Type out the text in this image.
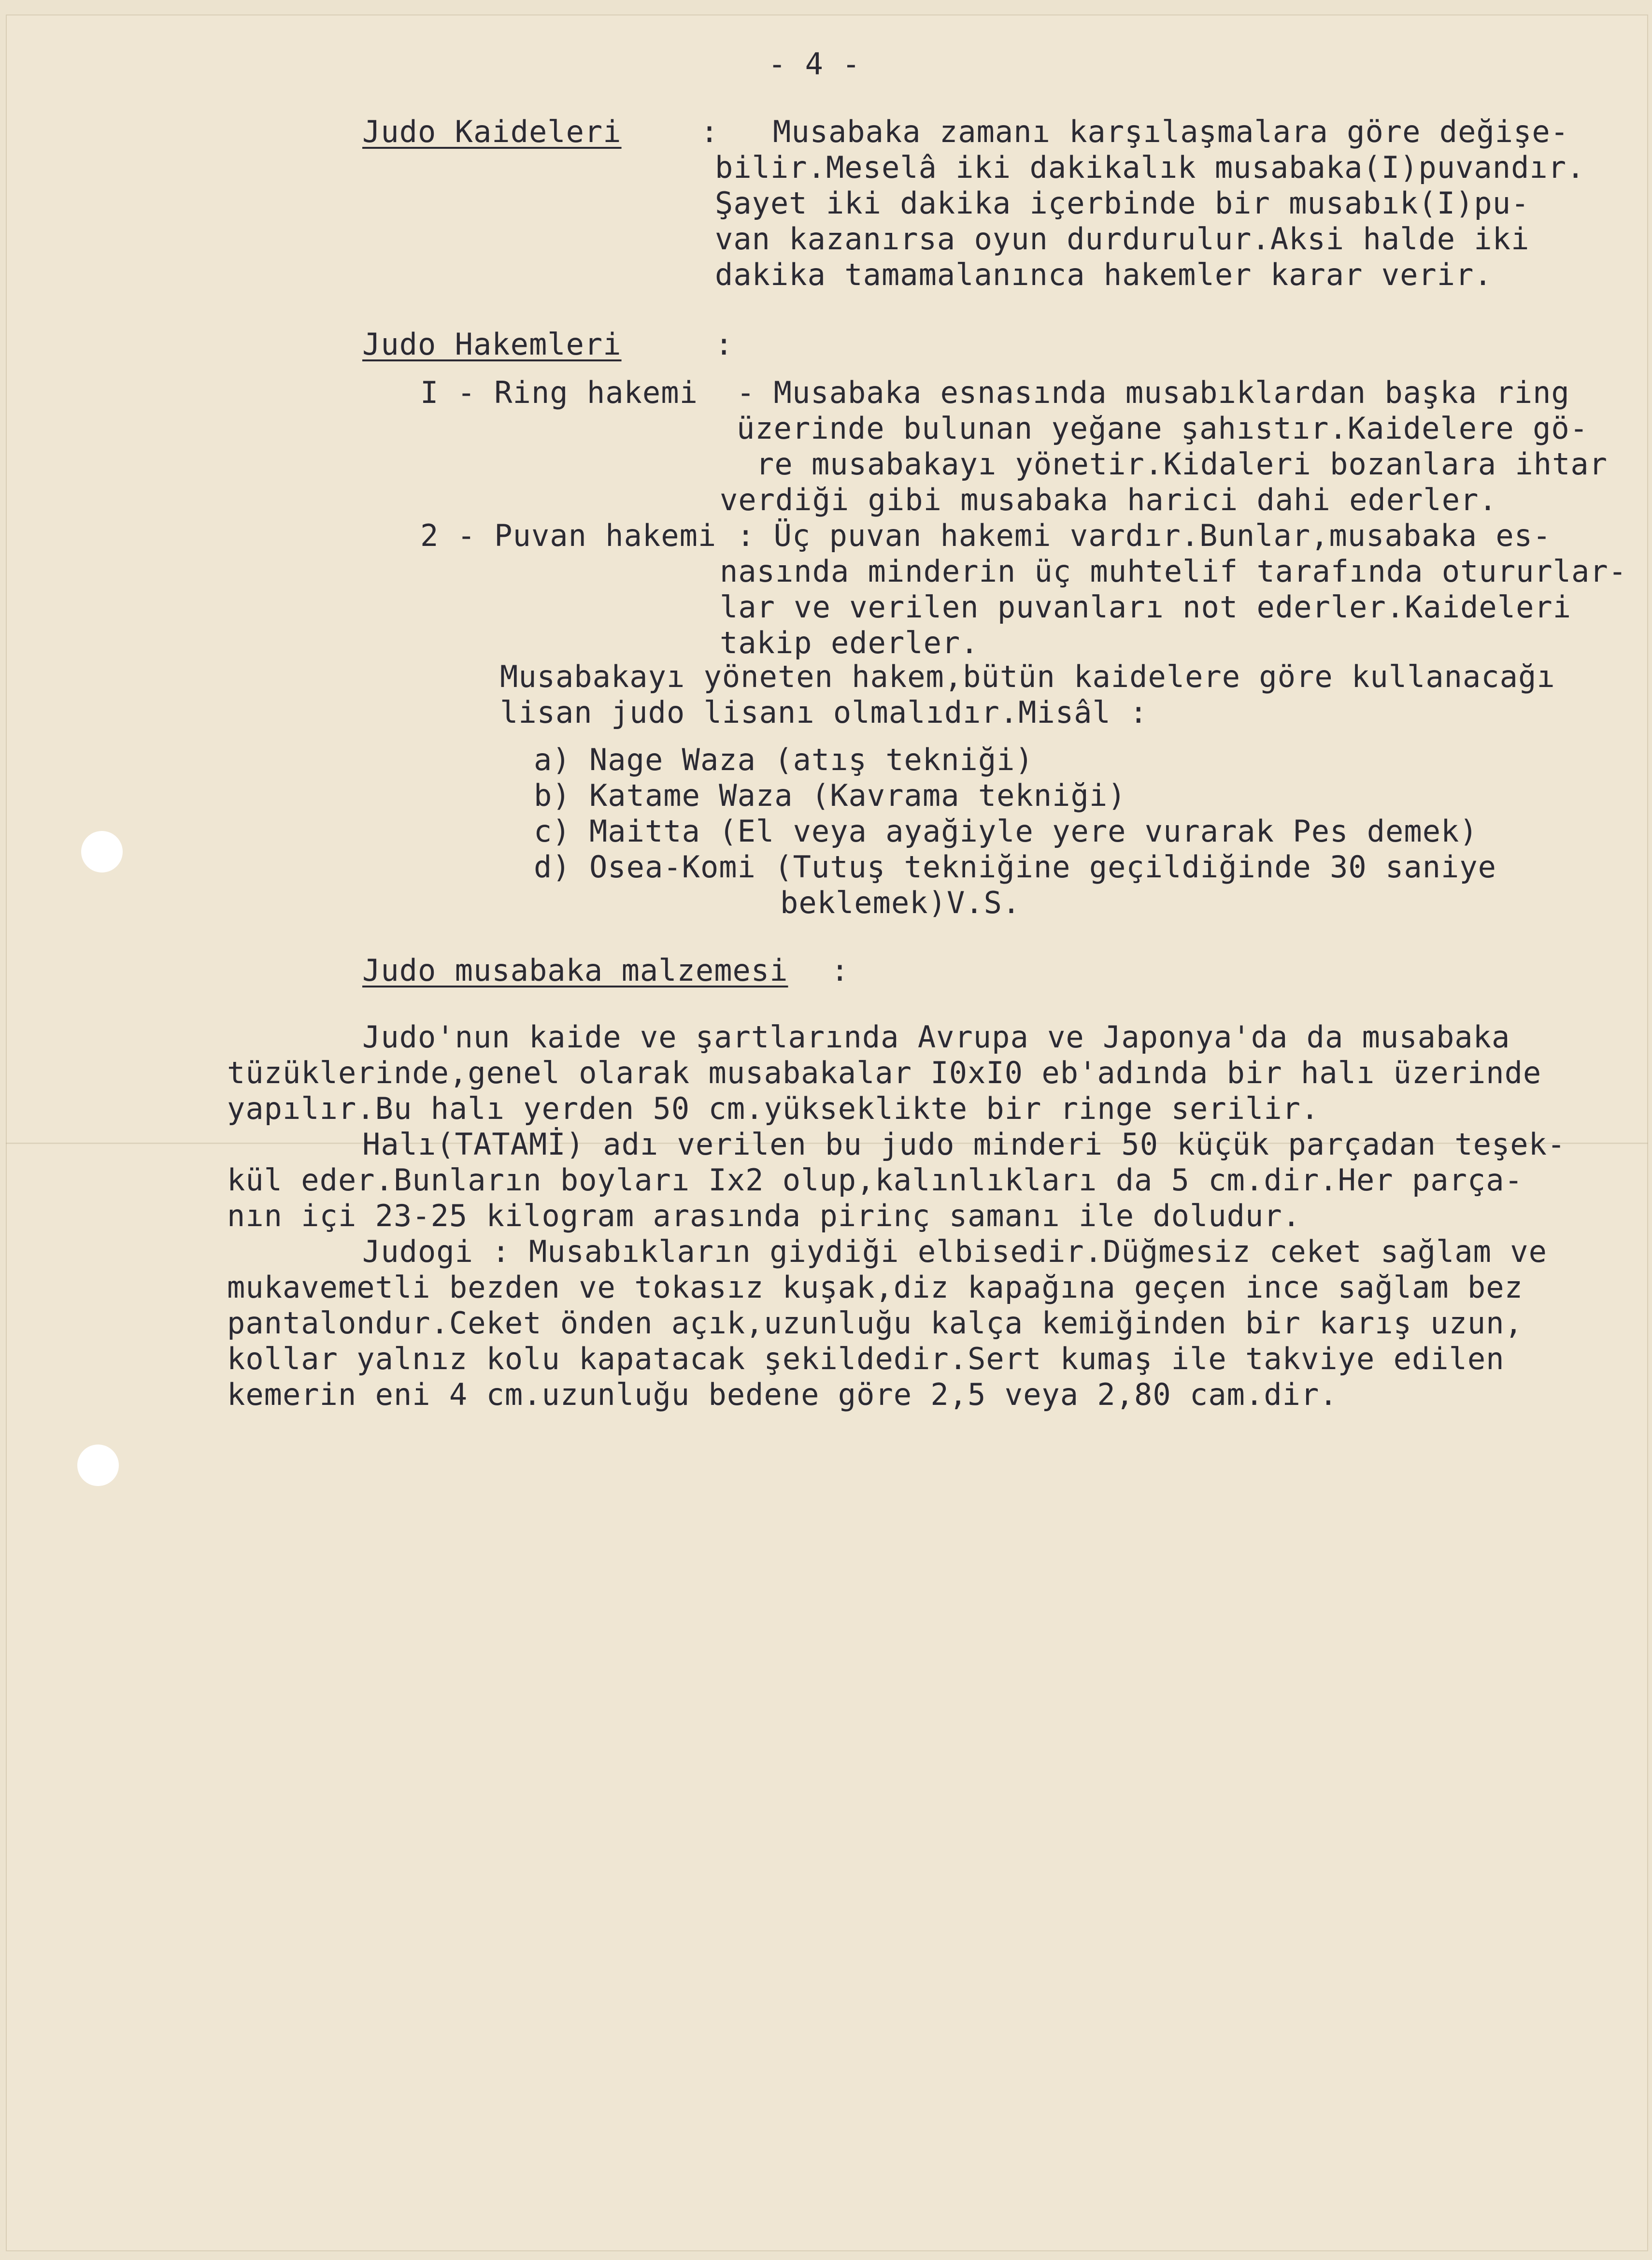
- 4 -
Judo Kaideleri	: Musabaka zamanı karşılaşmalara göre değişe-
bilir.Meselâ iki dakikalık musabaka(I)puvandır.
Şayet iki dakika içerbinde bir musabık(I)pu-
van kazanırsa oyun durdurulur.Aksi halde iki
dakika tamamalanınca hakemler karar verir.
Judo Hakemleri	:
I - Ring hakemi - Musabaka esnasında musabıklardan başka ring
üzerinde bulunan yeğane şahıstır.Kaidelere gö-
re musabakayı yönetir.Kidaleri bozanlara ihtar
verdiği gibi musabaka harici dahi ederler.
2 - Puvan hakemi : Üç puvan hakemi vardır.Bunlar,musabaka es-
nasında minderin üç muhtelif tarafında otururlar-
lar ve verilen puvanları not ederler.Kaideleri
takip ederler.
Musabakayı yöneten hakem,bütün kaidelere göre kullanacağı
lisan judo lisanı olmalıdır.Misâl :
a) Nage Waza (atış tekniği)
b) Katame Waza (Kavrama tekniği)
c) Maitta (El veya ayağiyle yere vurarak Pes demek)
d) Osea-Komi (Tutuş tekniğine geçildiğinde 30 saniye
beklemek)V.S.
Judo musabaka malzemesi :
Judo'nun kaide ve şartlarında Avrupa ve Japonya'da da musabaka
tüzüklerinde,genel olarak musabakalar I0xI0 eb'adında bir halı üzerinde
yapılır.Bu halı yerden 50 cm.yükseklikte bir ringe serilir.
Halı(TATAMİ) adı verilen bu judo minderi 50 küçük parçadan teşek-
kül eder.Bunların boyları Ix2 olup,kalınlıkları da 5 cm.dir.Her parça-
nın içi 23-25 kilogram arasında pirinç samanı ile doludur.
Judogi : Musabıkların giydiği elbisedir.Düğmesiz ceket sağlam ve
mukavemetli bezden ve tokasız kuşak,diz kapağına geçen ince sağlam bez
pantalondur.Ceket önden açık,uzunluğu kalça kemiğinden bir karış uzun,
kollar yalnız kolu kapatacak şekildedir.Sert kumaş ile takviye edilen
kemerin eni 4 cm.uzunluğu bedene göre 2,5 veya 2,80 cam.dir.
